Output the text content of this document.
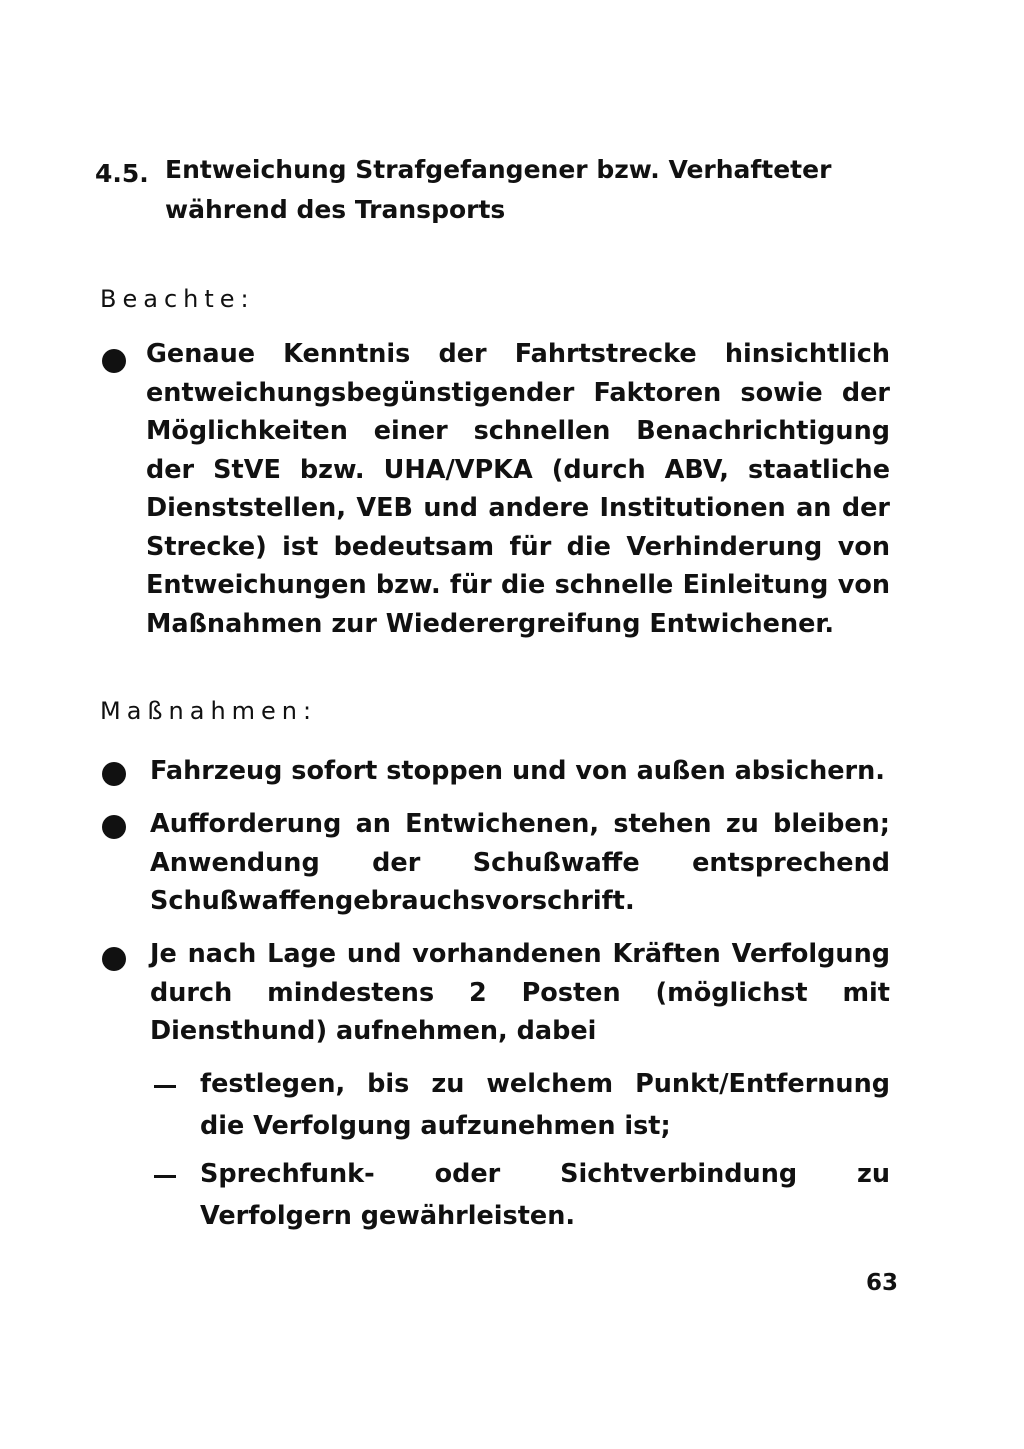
4.5. Entweichung Strafgefangener bzw. Verhafteter während des Transports
Beachte:
Genaue Kenntnis der Fahrtstrecke hinsichtlich entweichungsbegünstigender Faktoren sowie der Möglichkeiten einer schnellen Benachrichtigung der StVE bzw. UHA/VPKA (durch ABV, staatliche Dienststellen, VEB und andere Institutionen an der Strecke) ist bedeutsam für die Verhinderung von Entweichungen bzw. für die schnelle Einleitung von Maßnahmen zur Wiederergreifung Entwichener.
Maßnahmen:
Fahrzeug sofort stoppen und von außen absichern.
Aufforderung an Entwichenen, stehen zu bleiben; Anwendung der Schußwaffe entsprechend Schußwaffengebrauchsvorschrift.
Je nach Lage und vorhandenen Kräften Verfolgung durch mindestens 2 Posten (möglichst mit Diensthund) aufnehmen, dabei
festlegen, bis zu welchem Punkt/Entfernung die Verfolgung aufzunehmen ist;
Sprechfunk- oder Sichtverbindung zu Verfolgern gewährleisten.
63
